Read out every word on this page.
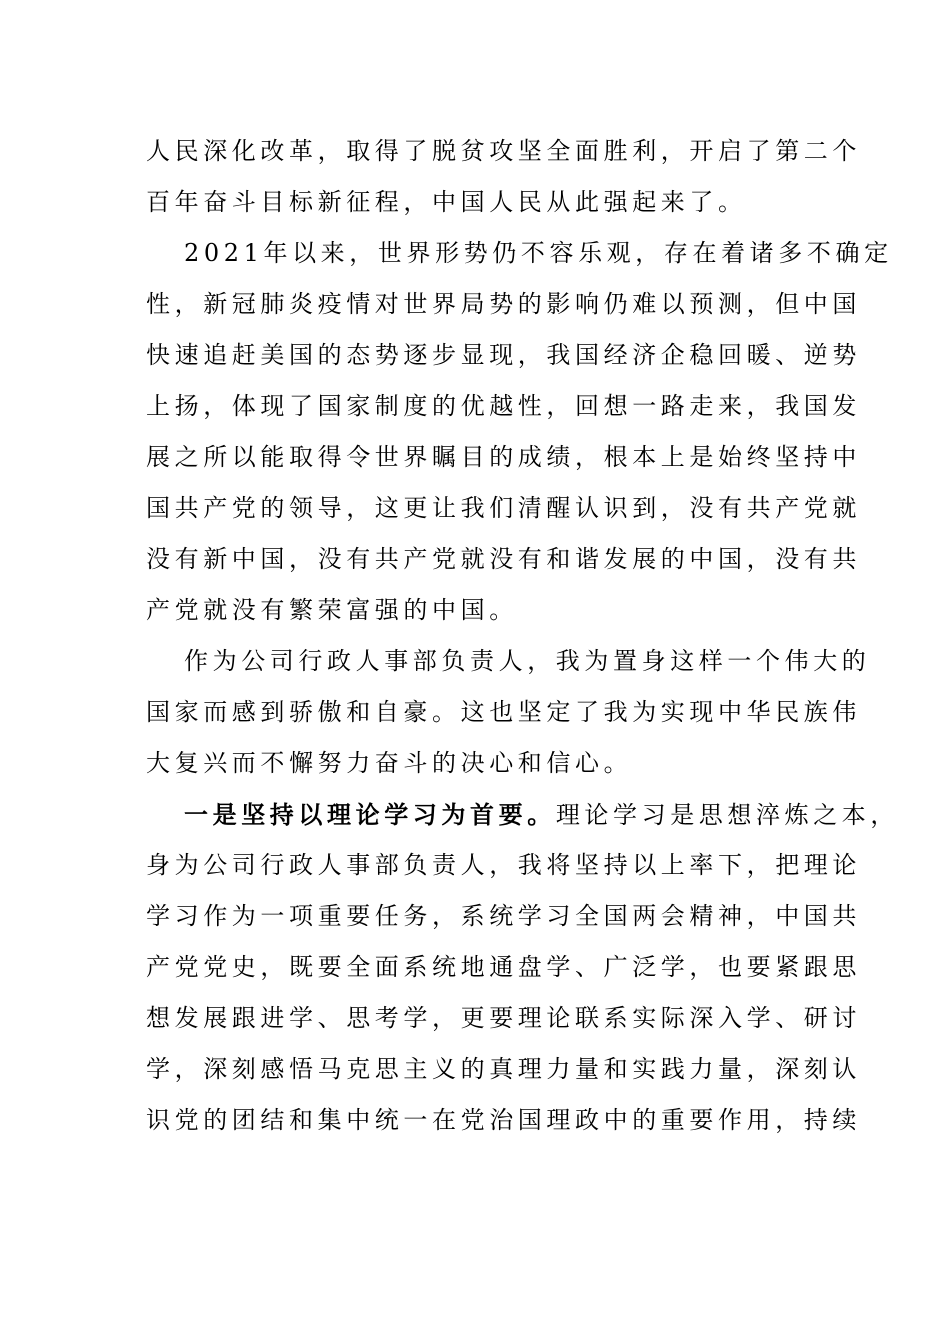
人民深化改革，取得了脱贫攻坚全面胜利，开启了第二个
百年奋斗目标新征程，中国人民从此强起来了。
2021年以来，世界形势仍不容乐观，存在着诸多不确定
性，新冠肺炎疫情对世界局势的影响仍难以预测，但中国
快速追赶美国的态势逐步显现，我国经济企稳回暖、逆势
上扬，体现了国家制度的优越性，回想一路走来，我国发
展之所以能取得令世界瞩目的成绩，根本上是始终坚持中
国共产党的领导，这更让我们清醒认识到，没有共产党就
没有新中国，没有共产党就没有和谐发展的中国，没有共
产党就没有繁荣富强的中国。
作为公司行政人事部负责人，我为置身这样一个伟大的
国家而感到骄傲和自豪。这也坚定了我为实现中华民族伟
大复兴而不懈努力奋斗的决心和信心。
一是坚持以理论学习为首要。理论学习是思想淬炼之本，
身为公司行政人事部负责人，我将坚持以上率下，把理论
学习作为一项重要任务，系统学习全国两会精神，中国共
产党党史，既要全面系统地通盘学、广泛学，也要紧跟思
想发展跟进学、思考学，更要理论联系实际深入学、研讨
学，深刻感悟马克思主义的真理力量和实践力量，深刻认
识党的团结和集中统一在党治国理政中的重要作用，持续
